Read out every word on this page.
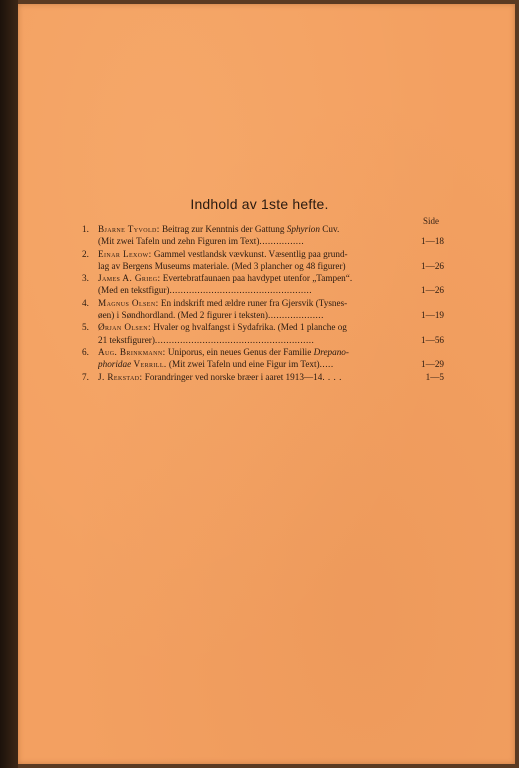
Indhold av 1ste hefte.
Side
1. Bjarne Tyvold: Beitrag zur Kenntnis der Gattung Sphyrion Cuv.
(Mit zwei Tafeln und zehn Figuren im Text) ................	1—18
2. Einar Lexow: Gammel vestlandsk vævkunst. Væsentlig paa grund-
lag av Bergens Museums materiale. (Med 3 plancher og 48 figurer)	1—26
3. James A. Grieg: Evertebratfaunaen paa havdypet utenfor „Tampen“.
(Med en tekstfigur) ...................................................	1—26
4. Magnus Olsen: En indskrift med ældre runer fra Gjersvik (Tysnes-
øen) i Søndhordland. (Med 2 figurer i teksten) ....................	1—19
5. Ørjan Olsen: Hvaler og hvalfangst i Sydafrika. (Med 1 planche og
21 tekstfigurer) .........................................................	1—56
6. Aug. Brinkmann: Uniporus, ein neues Genus der Familie Drepano-
phoridae Verrill. (Mit zwei Tafeln und eine Figur im Text) .....	1—29
7. J. Rekstad: Forandringer ved norske bræer i aaret 1913—14 . . . .	1—5
